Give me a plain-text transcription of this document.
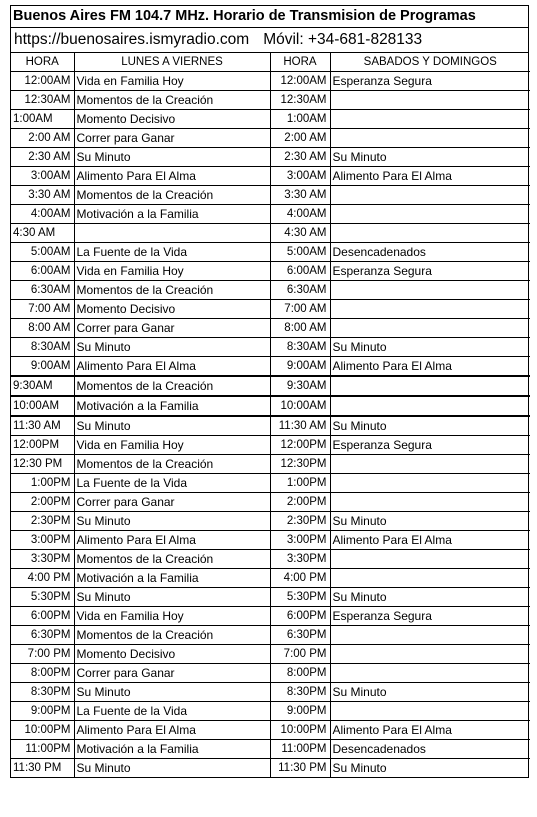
Buenos Aires FM 104.7 MHz. Horario de Transmision de Programas
https://buenosaires.ismyradio.com Móvil: +34-681-828133
HORA	LUNES A VIERNES	HORA	SABADOS Y DOMINGOS
12:00AM	Vida en Familia Hoy	12:00AM	Esperanza Segura
12:30AM	Momentos de la Creación	12:30AM	
1:00AM	Momento Decisivo	1:00AM	
2:00 AM	Correr para Ganar	2:00 AM	
2:30 AM	Su Minuto	2:30 AM	Su Minuto
3:00AM	Alimento Para El Alma	3:00AM	Alimento Para El Alma
3:30 AM	Momentos de la Creación	3:30 AM	
4:00AM	Motivación a la Familia	4:00AM	
4:30 AM		4:30 AM	
5:00AM	La Fuente de la Vida	5:00AM	Desencadenados
6:00AM	Vida en Familia Hoy	6:00AM	Esperanza Segura
6:30AM	Momentos de la Creación	6:30AM	
7:00 AM	Momento Decisivo	7:00 AM	
8:00 AM	Correr para Ganar	8:00 AM	
8:30AM	Su Minuto	8:30AM	Su Minuto
9:00AM	Alimento Para El Alma	9:00AM	Alimento Para El Alma
9:30AM	Momentos de la Creación	9:30AM	
10:00AM	Motivación a la Familia	10:00AM	
11:30 AM	Su Minuto	11:30 AM	Su Minuto
12:00PM	Vida en Familia Hoy	12:00PM	Esperanza Segura
12:30 PM	Momentos de la Creación	12:30PM	
1:00PM	La Fuente de la Vida	1:00PM	
2:00PM	Correr para Ganar	2:00PM	
2:30PM	Su Minuto	2:30PM	Su Minuto
3:00PM	Alimento Para El Alma	3:00PM	Alimento Para El Alma
3:30PM	Momentos de la Creación	3:30PM	
4:00 PM	Motivación a la Familia	4:00 PM	
5:30PM	Su Minuto	5:30PM	Su Minuto
6:00PM	Vida en Familia Hoy	6:00PM	Esperanza Segura
6:30PM	Momentos de la Creación	6:30PM	
7:00 PM	Momento Decisivo	7:00 PM	
8:00PM	Correr para Ganar	8:00PM	
8:30PM	Su Minuto	8:30PM	Su Minuto
9:00PM	La Fuente de la Vida	9:00PM	
10:00PM	Alimento Para El Alma	10:00PM	Alimento Para El Alma
11:00PM	Motivación a la Familia	11:00PM	Desencadenados
11:30 PM	Su Minuto	11:30 PM	Su Minuto
